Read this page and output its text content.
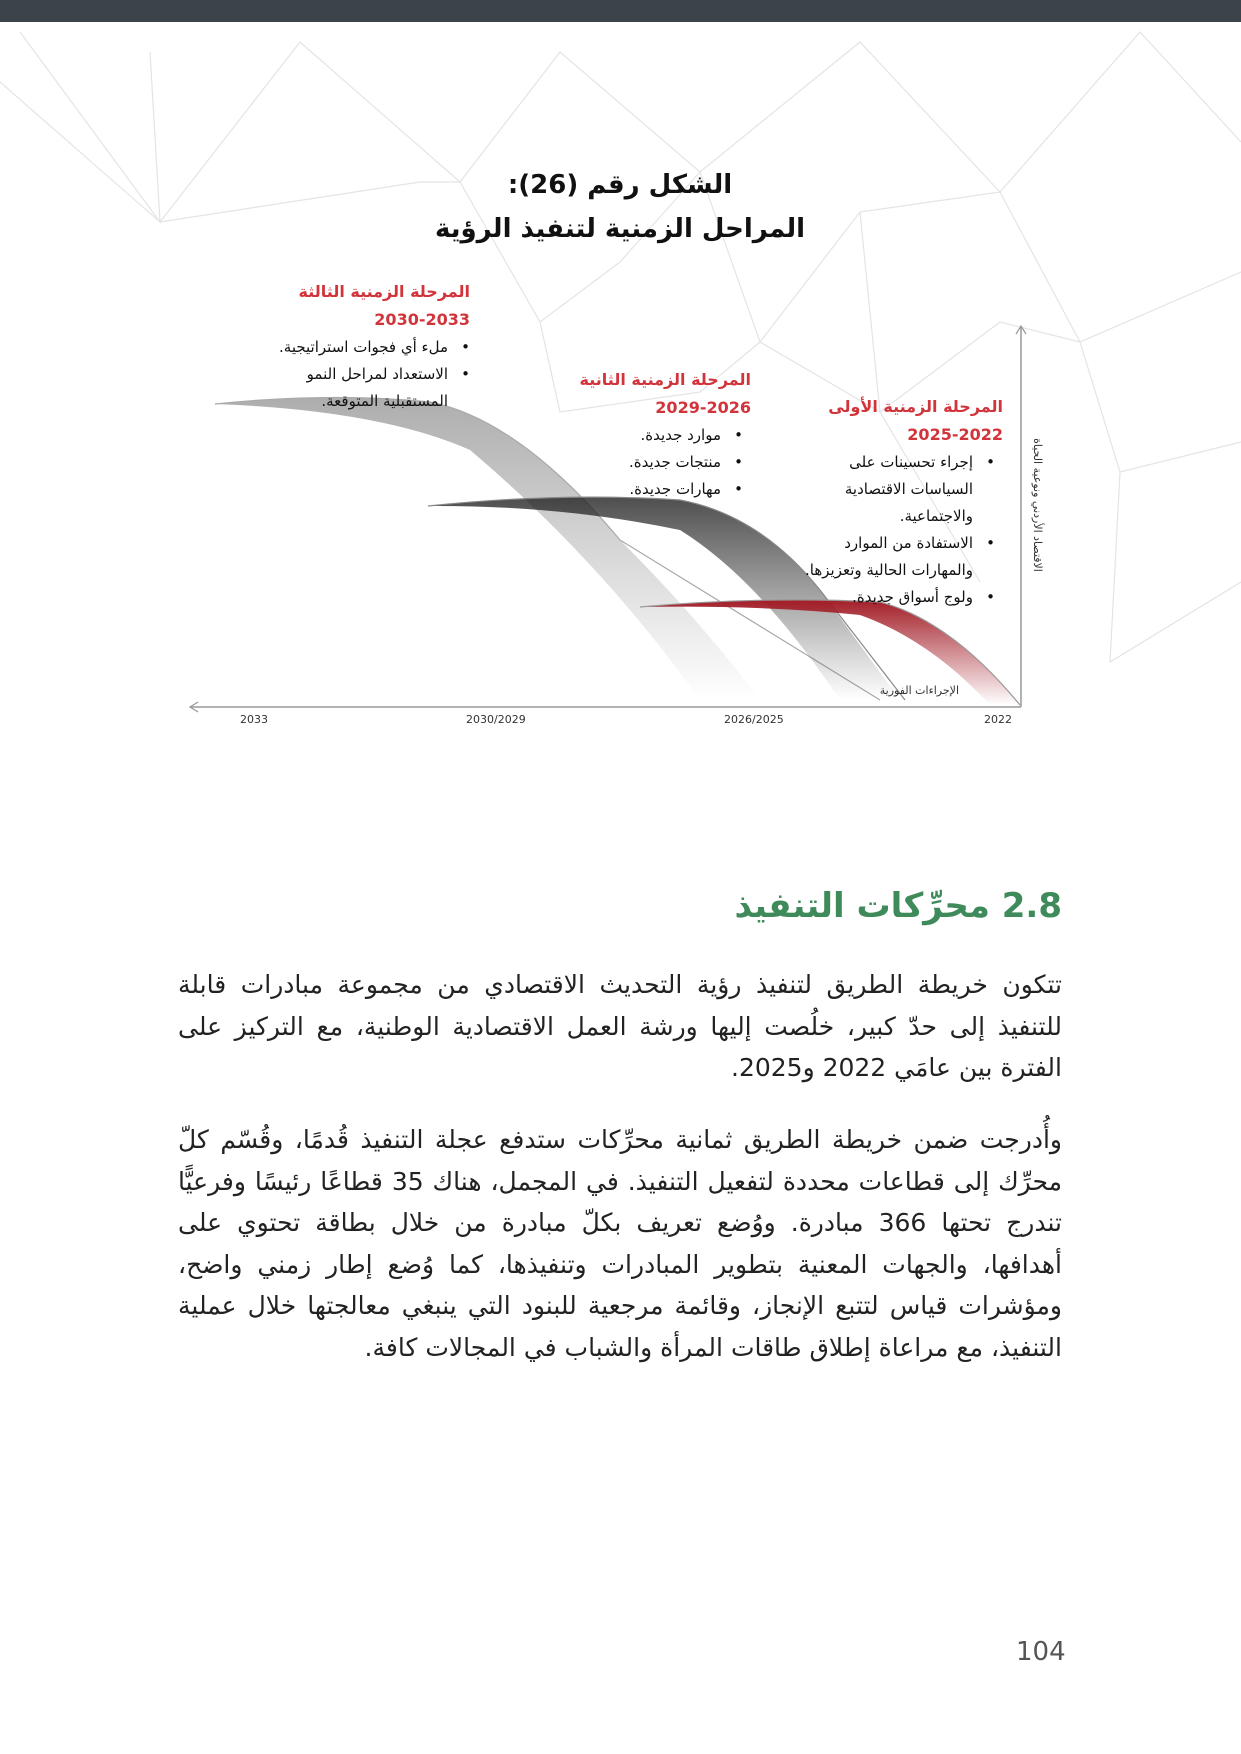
الشكل رقم (26):
المراحل الزمنية لتنفيذ الرؤية
2033	2030/2029	2026/2025	2022
الإجراءات الفورية
الاقتصاد الأردني ونوعية الحياة
المرحلة الزمنية الثالثة
2030-2033
• ملء أي فجوات استراتيجية.
• الاستعداد لمراحل النمو المستقبلية المتوقعة.
المرحلة الزمنية الثانية
2029-2026
• موارد جديدة.
• منتجات جديدة.
• مهارات جديدة.
المرحلة الزمنية الأولى
2025-2022
• إجراء تحسينات على السياسات الاقتصادية والاجتماعية.
• الاستفادة من الموارد والمهارات الحالية وتعزيزها.
• ولوج أسواق جديدة.
2.8 محرِّكات التنفيذ
تتكون خريطة الطريق لتنفيذ رؤية التحديث الاقتصادي من مجموعة مبادرات قابلة للتنفيذ إلى حدّ كبير، خلُصت إليها ورشة العمل الاقتصادية الوطنية، مع التركيز على الفترة بين عامَي 2022 و2025.
وأُدرجت ضمن خريطة الطريق ثمانية محرِّكات ستدفع عجلة التنفيذ قُدمًا، وقُسّم كلّ محرِّك إلى قطاعات محددة لتفعيل التنفيذ. في المجمل، هناك 35 قطاعًا رئيسًا وفرعيًّا تندرج تحتها 366 مبادرة. ووُضع تعريف بكلّ مبادرة من خلال بطاقة تحتوي على أهدافها، والجهات المعنية بتطوير المبادرات وتنفيذها، كما وُضع إطار زمني واضح، ومؤشرات قياس لتتبع الإنجاز، وقائمة مرجعية للبنود التي ينبغي معالجتها خلال عملية التنفيذ، مع مراعاة إطلاق طاقات المرأة والشباب في المجالات كافة.
104
